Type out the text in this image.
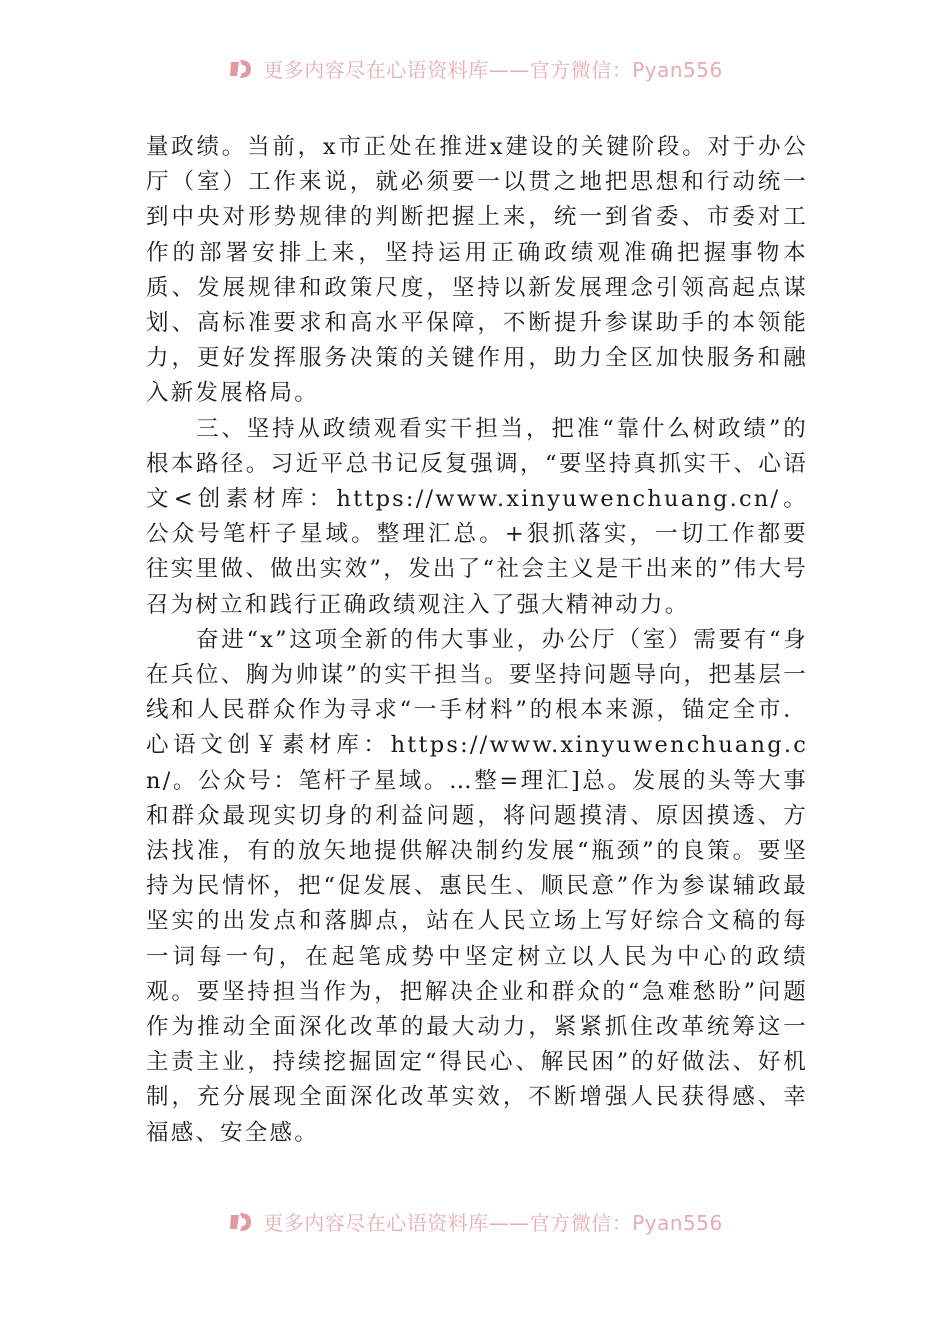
更多内容尽在心语资料库——官方微信：Pyan556

量政绩。当前，x市正处在推进x建设的关键阶段。对于办公厅（室）工作来说，就必须要一以贯之地把思想和行动统一到中央对形势规律的判断把握上来，统一到省委、市委对工作的部署安排上来，坚持运用正确政绩观准确把握事物本质、发展规律和政策尺度，坚持以新发展理念引领高起点谋划、高标准要求和高水平保障，不断提升参谋助手的本领能力，更好发挥服务决策的关键作用，助力全区加快服务和融入新发展格局。

三、坚持从政绩观看实干担当，把准“靠什么树政绩”的根本路径。习近平总书记反复强调，“要坚持真抓实干、心语文<创素材库：https://www.xinyuwenchuang.cn/。公众号笔杆子星域。整理汇总。+狠抓落实，一切工作都要往实里做、做出实效”，发出了“社会主义是干出来的”伟大号召为树立和践行正确政绩观注入了强大精神动力。

奋进“x”这项全新的伟大事业，办公厅（室）需要有“身在兵位、胸为帅谋”的实干担当。要坚持问题导向，把基层一线和人民群众作为寻求“一手材料”的根本来源，锚定全市．心语文创￥素材库：https://www.xinyuwenchuang.cn/。公众号：笔杆子星域。…整=理汇]总。发展的头等大事和群众最现实切身的利益问题，将问题摸清、原因摸透、方法找准，有的放矢地提供解决制约发展“瓶颈”的良策。要坚持为民情怀，把“促发展、惠民生、顺民意”作为参谋辅政最坚实的出发点和落脚点，站在人民立场上写好综合文稿的每一词每一句，在起笔成势中坚定树立以人民为中心的政绩观。要坚持担当作为，把解决企业和群众的“急难愁盼”问题作为推动全面深化改革的最大动力，紧紧抓住改革统筹这一主责主业，持续挖掘固定“得民心、解民困”的好做法、好机制，充分展现全面深化改革实效，不断增强人民获得感、幸福感、安全感。

更多内容尽在心语资料库——官方微信：Pyan556
